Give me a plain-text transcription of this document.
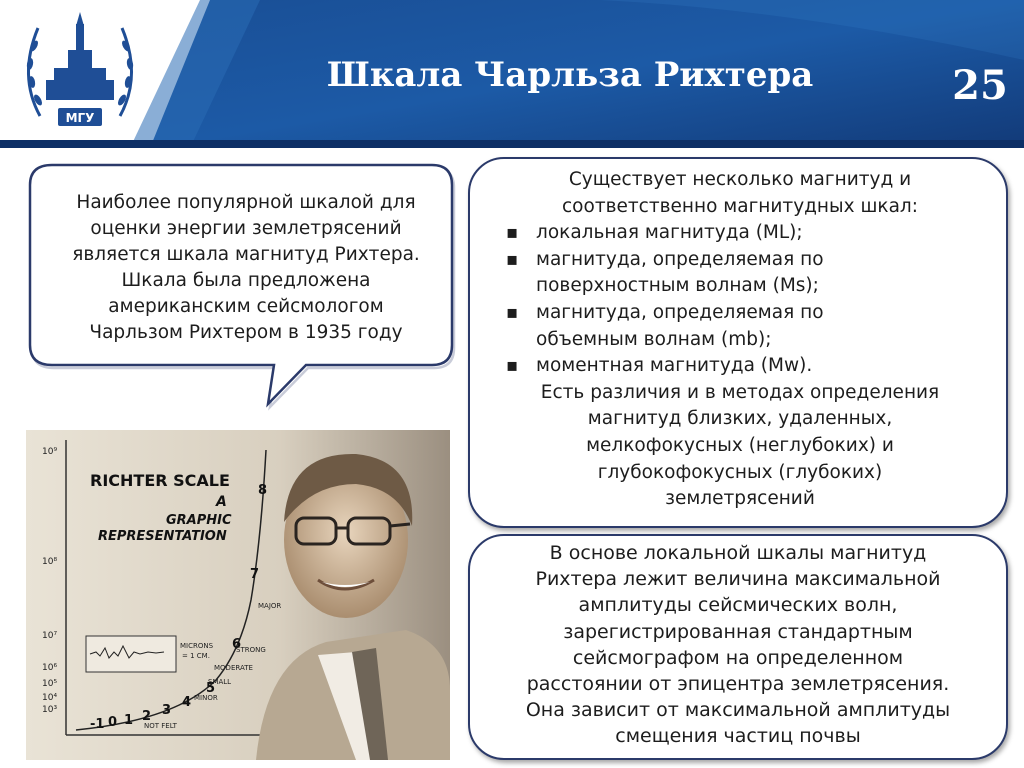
МГУ
Шкала Чарльза Рихтера	25
Наиболее популярной шкалой для
оценки энергии землетрясений
является шкала магнитуд Рихтера.
Шкала была предложена
американским сейсмологом
Чарльзом Рихтером в 1935 году
Существует несколько магнитуд и
соответственно магнитудных шкал:
▪ локальная магнитуда (ML);
▪ магнитуда, определяемая по поверхностным волнам (Ms);
▪ магнитуда, определяемая по объемным волнам (mb);
▪ моментная магнитуда (Mw).
Есть различия и в методах определения
магнитуд близких, удаленных,
мелкофокусных (неглубоких) и
глубокофокусных (глубоких)
землетрясений
В основе локальной шкалы магнитуд
Рихтера лежит величина максимальной
амплитуды сейсмических волн,
зарегистрированная стандартным
сейсмографом на определенном
расстоянии от эпицентра землетрясения.
Она зависит от максимальной амплитуды
смещения частиц почвы
10⁹
10⁸
10⁷
10⁶
10⁵
10⁴
10³
RICHTER SCALE
A
GRAPHIC
REPRESENTATION
-1 0 1 2 3
4
5
6
7
8
MAJOR
STRONG
MODERATE
SMALL
MINOR
NOT FELT
MICRONS
= 1 CM.
